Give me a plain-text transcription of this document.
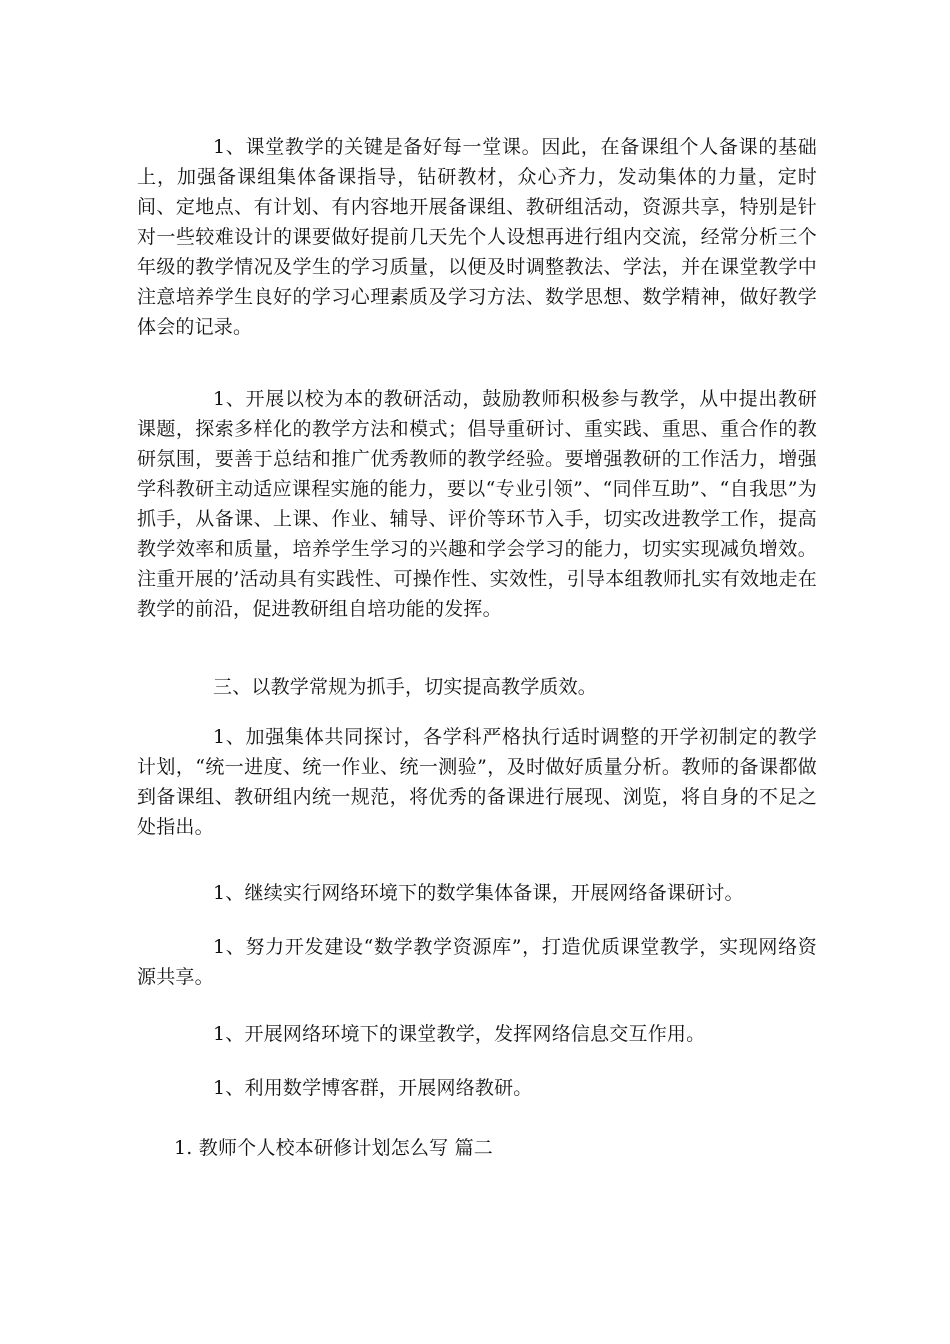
1、课堂教学的关键是备好每一堂课。因此，在备课组个人备课的基础上，加强备课组集体备课指导，钻研教材，众心齐力，发动集体的力量，定时间、定地点、有计划、有内容地开展备课组、教研组活动，资源共享，特别是针对一些较难设计的课要做好提前几天先个人设想再进行组内交流，经常分析三个年级的教学情况及学生的学习质量，以便及时调整教法、学法，并在课堂教学中注意培养学生良好的学习心理素质及学习方法、数学思想、数学精神，做好教学体会的记录。

1、开展以校为本的教研活动，鼓励教师积极参与教学，从中提出教研课题，探索多样化的教学方法和模式；倡导重研讨、重实践、重思、重合作的教研氛围，要善于总结和推广优秀教师的教学经验。要增强教研的工作活力，增强学科教研主动适应课程实施的能力，要以“专业引领”、“同伴互助”、“自我思”为抓手，从备课、上课、作业、辅导、评价等环节入手，切实改进教学工作，提高教学效率和质量，培养学生学习的兴趣和学会学习的能力，切实实现减负增效。注重开展的’活动具有实践性、可操作性、实效性，引导本组教师扎实有效地走在教学的前沿，促进教研组自培功能的发挥。

三、以教学常规为抓手，切实提高教学质效。

1、加强集体共同探讨，各学科严格执行适时调整的开学初制定的教学计划，“统一进度、统一作业、统一测验”，及时做好质量分析。教师的备课都做到备课组、教研组内统一规范，将优秀的备课进行展现、浏览，将自身的不足之处指出。

1、继续实行网络环境下的数学集体备课，开展网络备课研讨。

1、努力开发建设“数学教学资源库”，打造优质课堂教学，实现网络资源共享。

1、开展网络环境下的课堂教学，发挥网络信息交互作用。

1、利用数学博客群，开展网络教研。

1. 教师个人校本研修计划怎么写 篇二
